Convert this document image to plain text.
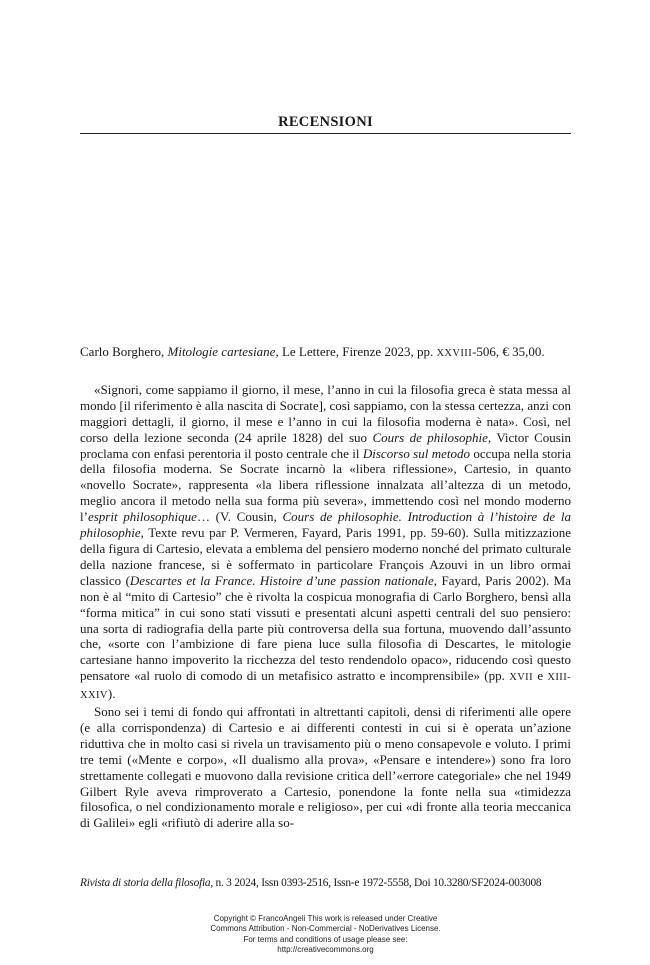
RECENSIONI

Carlo Borghero, Mitologie cartesiane, Le Lettere, Firenze 2023, pp. XXVIII-506, € 35,00.

«Signori, come sappiamo il giorno, il mese, l’anno in cui la filosofia greca è stata messa al mondo [il riferimento è alla nascita di Socrate], così sappiamo, con la stessa certezza, anzi con maggiori dettagli, il giorno, il mese e l’anno in cui la filosofia moderna è nata». Così, nel corso della lezione seconda (24 aprile 1828) del suo Cours de philosophie, Victor Cousin proclama con enfasi perentoria il posto centrale che il Discorso sul metodo occupa nella storia della filosofia moderna. Se Socrate incarnò la «libera riflessione», Cartesio, in quanto «novello Socrate», rappresenta «la libera riflessione innalzata all’altezza di un metodo, meglio ancora il metodo nella sua forma più severa», immettendo così nel mondo moderno l’esprit philosophique… (V. Cousin, Cours de philosophie. Introduction à l’histoire de la philosophie, Texte revu par P. Vermeren, Fayard, Paris 1991, pp. 59-60). Sulla mitizzazione della figura di Cartesio, elevata a emblema del pensiero moderno nonché del primato culturale della nazione francese, si è soffermato in particolare François Azouvi in un libro ormai classico (Descartes et la France. Histoire d’une passion nationale, Fayard, Paris 2002). Ma non è al “mito di Cartesio” che è rivolta la cospicua monografia di Carlo Borghero, bensì alla “forma mitica” in cui sono stati vissuti e presentati alcuni aspetti centrali del suo pensiero: una sorta di radiografia della parte più controversa della sua fortuna, muovendo dall’assunto che, «sorte con l’ambizione di fare piena luce sulla filosofia di Descartes, le mitologie cartesiane hanno impoverito la ricchezza del testo rendendolo opaco», riducendo così questo pensatore «al ruolo di comodo di un metafisico astratto e incomprensibile» (pp. XVII e XIII-XXIV).

Sono sei i temi di fondo qui affrontati in altrettanti capitoli, densi di riferimenti alle opere (e alla corrispondenza) di Cartesio e ai differenti contesti in cui si è operata un’azione riduttiva che in molto casi si rivela un travisamento più o meno consapevole e voluto. I primi tre temi («Mente e corpo», «Il dualismo alla prova», «Pensare e intendere») sono fra loro strettamente collegati e muovono dalla revisione critica dell’«errore categoriale» che nel 1949 Gilbert Ryle aveva rimproverato a Cartesio, ponendone la fonte nella sua «timidezza filosofica, o nel condizionamento morale e religioso», per cui «di fronte alla teoria meccanica di Galilei» egli «rifiutò di aderire alla so-

Rivista di storia della filosofia, n. 3 2024, Issn 0393-2516, Issn-e 1972-5558, Doi 10.3280/SF2024-003008
Copyright © FrancoAngeli This work is released under Creative
Commons Attribution - Non-Commercial - NoDerivatives License.
For terms and conditions of usage please see:
http://creativecommons.org
